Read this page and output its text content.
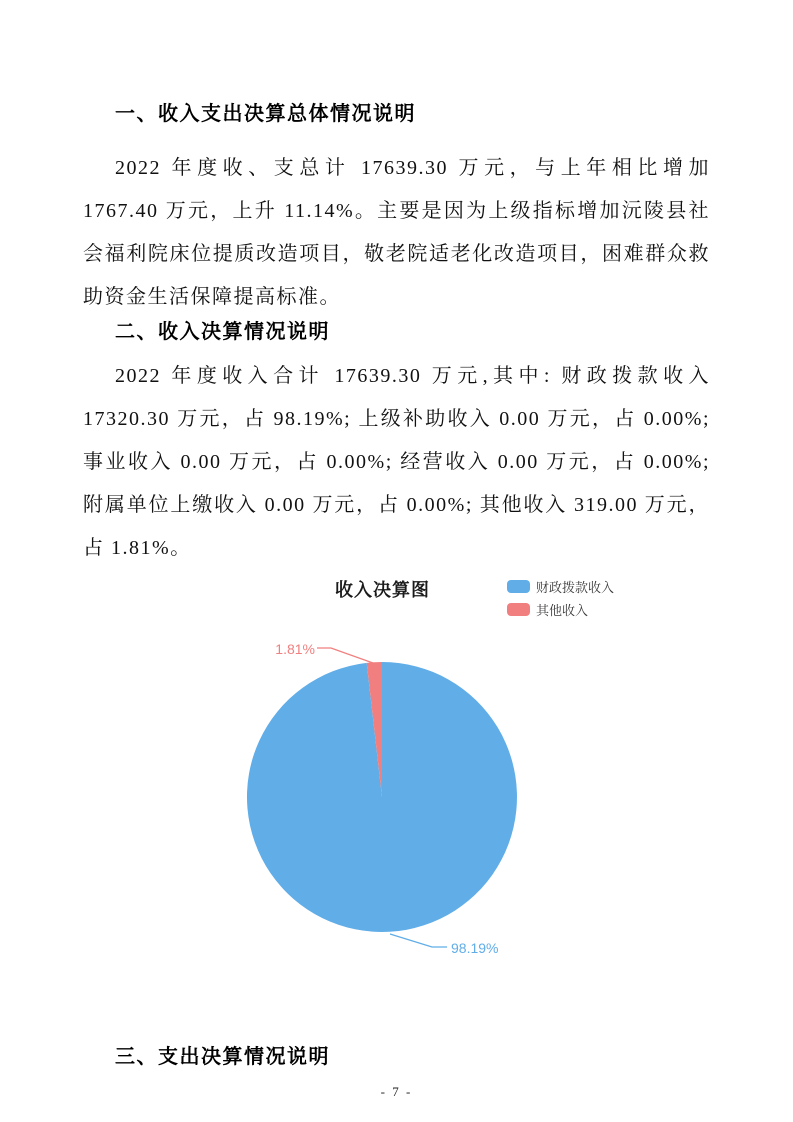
一、收入支出决算总体情况说明

2022 年度收、支总计 17639.30 万元，与上年相比增加 1767.40 万元，上升 11.14%。主要是因为上级指标增加沅陵县社会福利院床位提质改造项目，敬老院适老化改造项目，困难群众救助资金生活保障提高标准。

二、收入决算情况说明

2022 年度收入合计 17639.30 万元,其中: 财政拨款收入 17320.30 万元，占 98.19%; 上级补助收入 0.00 万元，占 0.00%; 事业收入 0.00 万元，占 0.00%; 经营收入 0.00 万元，占 0.00%; 附属单位上缴收入 0.00 万元，占 0.00%; 其他收入 319.00 万元，占 1.81%。

收入决算图	财政拨款收入
其他收入
1.81%
98.19%
三、支出决算情况说明
- 7 -
